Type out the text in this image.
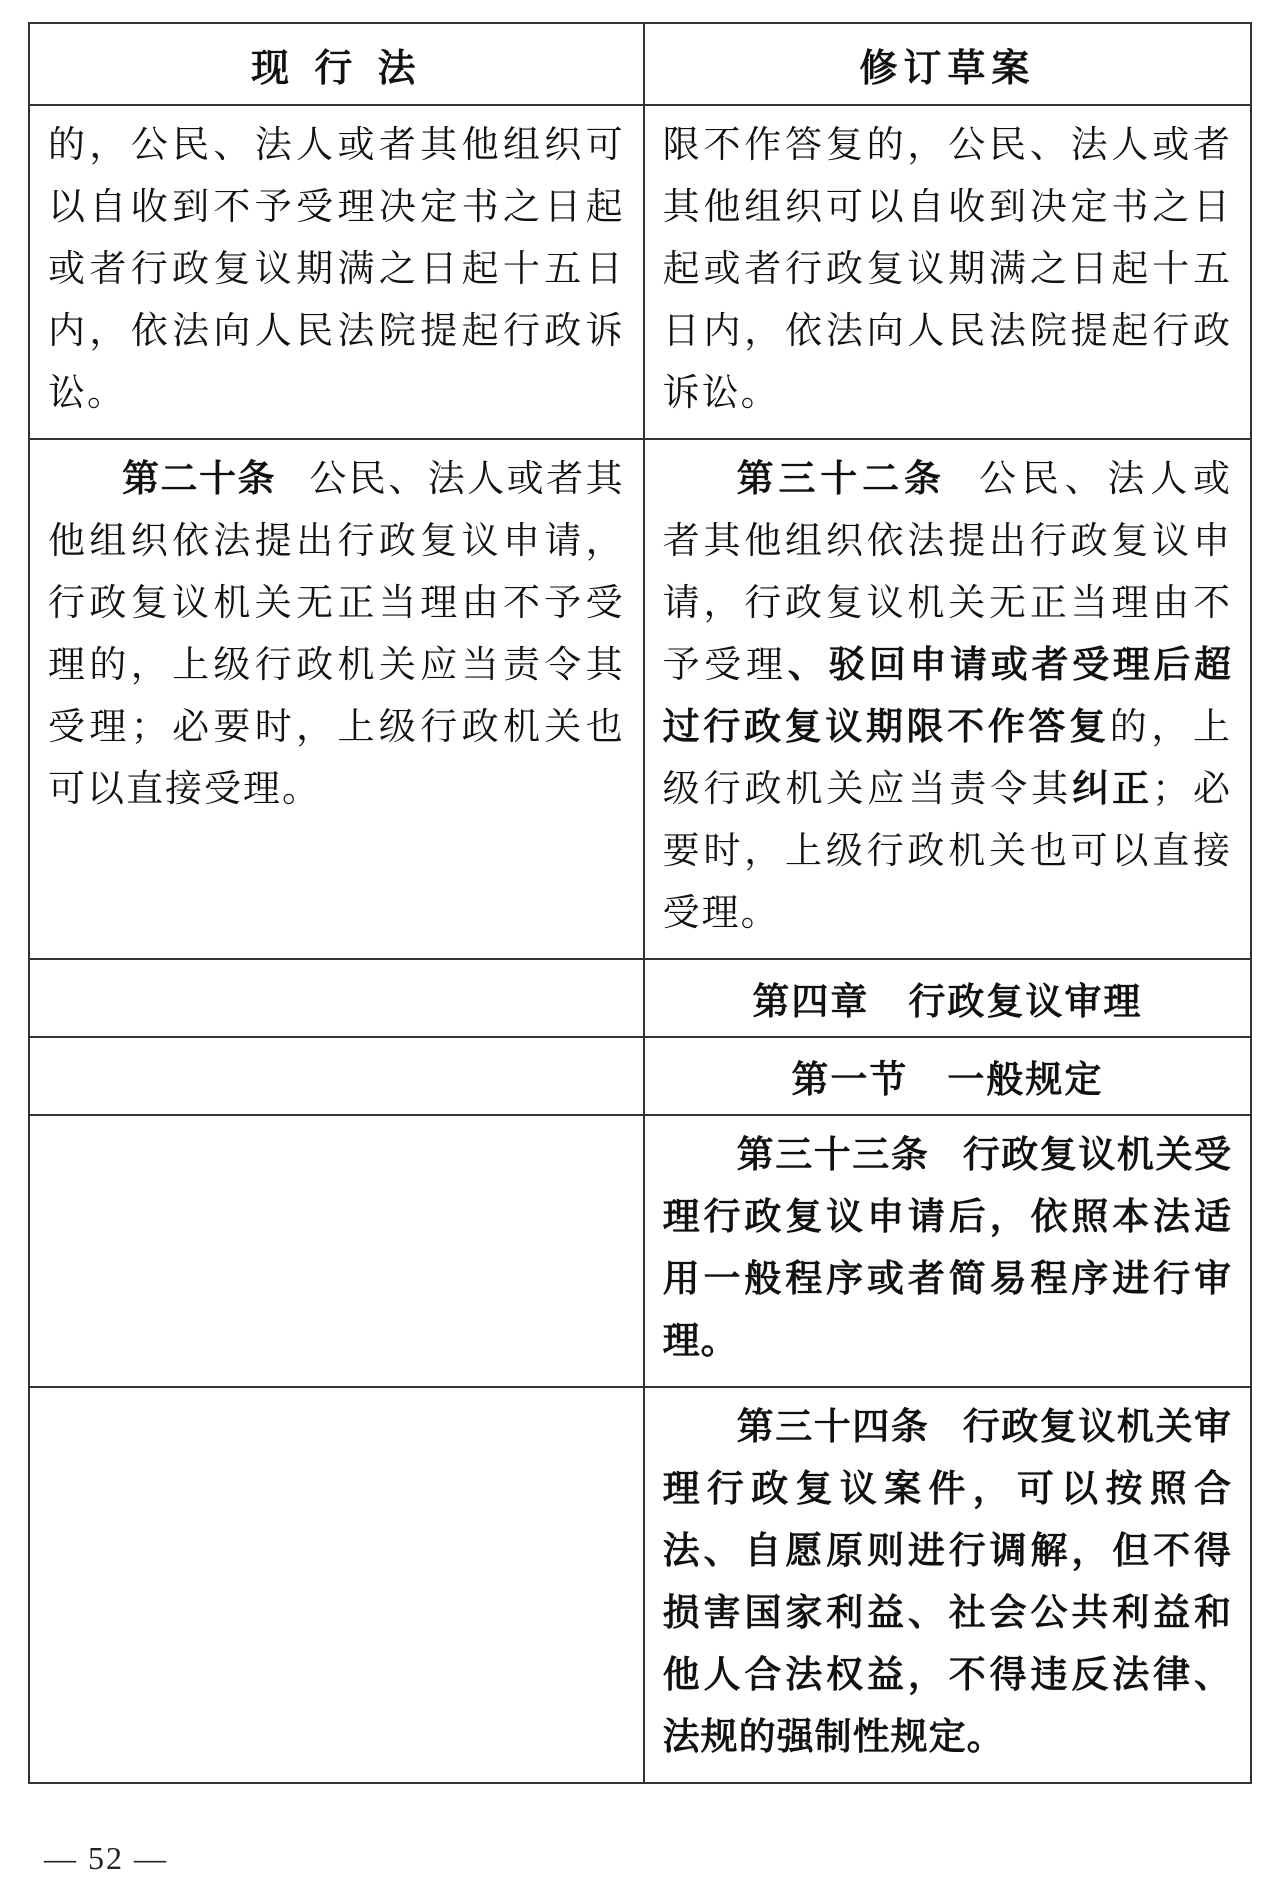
现 行 法	修订草案

的，公民、法人或者其他组织可以自收到不予受理决定书之日起或者行政复议期满之日起十五日内，依法向人民法院提起行政诉讼。	限不作答复的，公民、法人或者其他组织可以自收到决定书之日起或者行政复议期满之日起十五日内，依法向人民法院提起行政诉讼。

第二十条 公民、法人或者其他组织依法提出行政复议申请，行政复议机关无正当理由不予受理的，上级行政机关应当责令其受理；必要时，上级行政机关也可以直接受理。	第三十二条 公民、法人或者其他组织依法提出行政复议申请，行政复议机关无正当理由不予受理、驳回申请或者受理后超过行政复议期限不作答复的，上级行政机关应当责令其纠正；必要时，上级行政机关也可以直接受理。

	第四章　行政复议审理
	第一节　一般规定

	第三十三条 行政复议机关受理行政复议申请后，依照本法适用一般程序或者简易程序进行审理。

	第三十四条 行政复议机关审理行政复议案件，可以按照合法、自愿原则进行调解，但不得损害国家利益、社会公共利益和他人合法权益，不得违反法律、法规的强制性规定。
— 52 —
